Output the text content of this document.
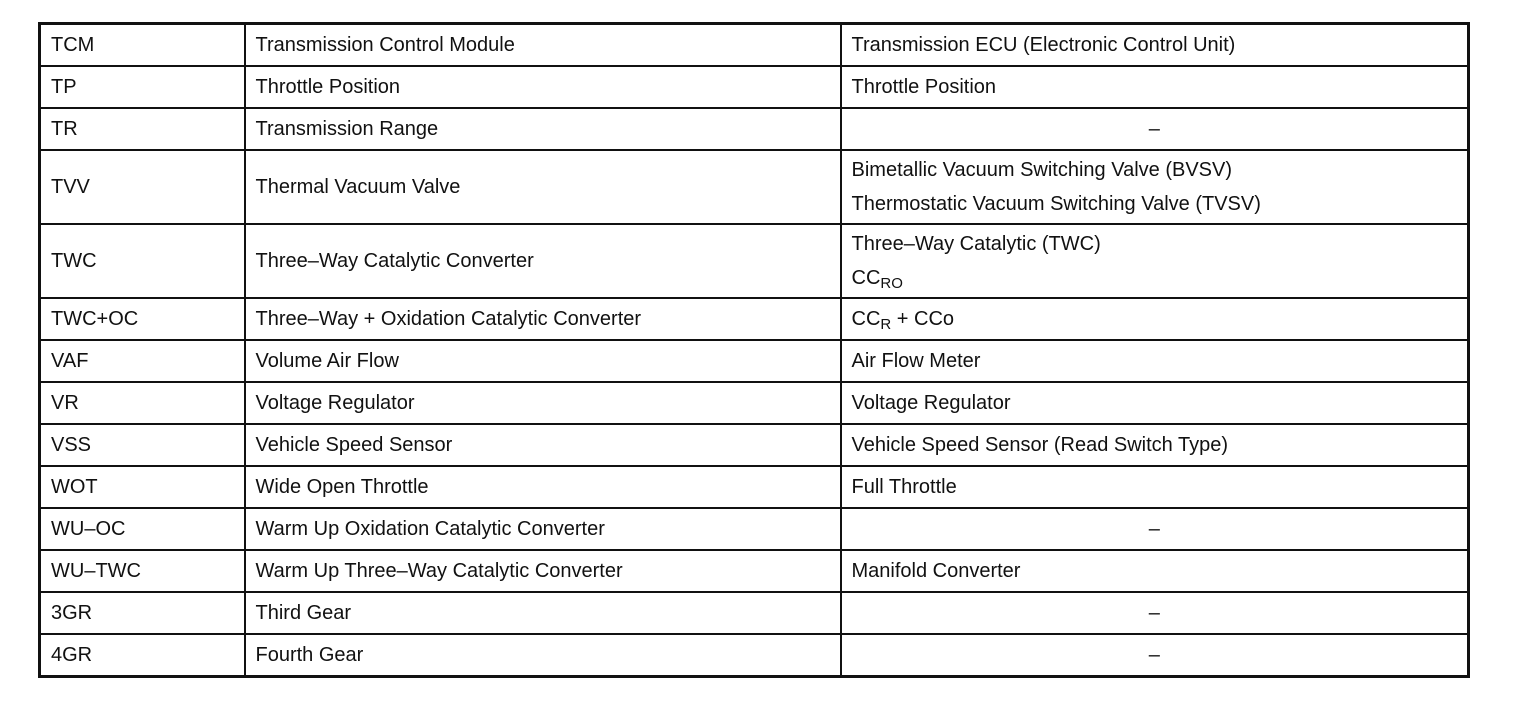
TCM	Transmission Control Module	Transmission ECU (Electronic Control Unit)
TP	Throttle Position	Throttle Position
TR	Transmission Range	–
TVV	Thermal Vacuum Valve	Bimetallic Vacuum Switching Valve (BVSV)
Thermostatic Vacuum Switching Valve (TVSV)

TWC	Three–Way Catalytic Converter	Three–Way Catalytic (TWC)
$CC_{RO}$

TWC+OC	Three–Way + Oxidation Catalytic Converter	$CC_R$ + CCo
VAF	Volume Air Flow	Air Flow Meter
VR	Voltage Regulator	Voltage Regulator
VSS	Vehicle Speed Sensor	Vehicle Speed Sensor (Read Switch Type)
WOT	Wide Open Throttle	Full Throttle
WU–OC	Warm Up Oxidation Catalytic Converter	–
WU–TWC	Warm Up Three–Way Catalytic Converter	Manifold Converter
3GR	Third Gear	–
4GR	Fourth Gear	–
